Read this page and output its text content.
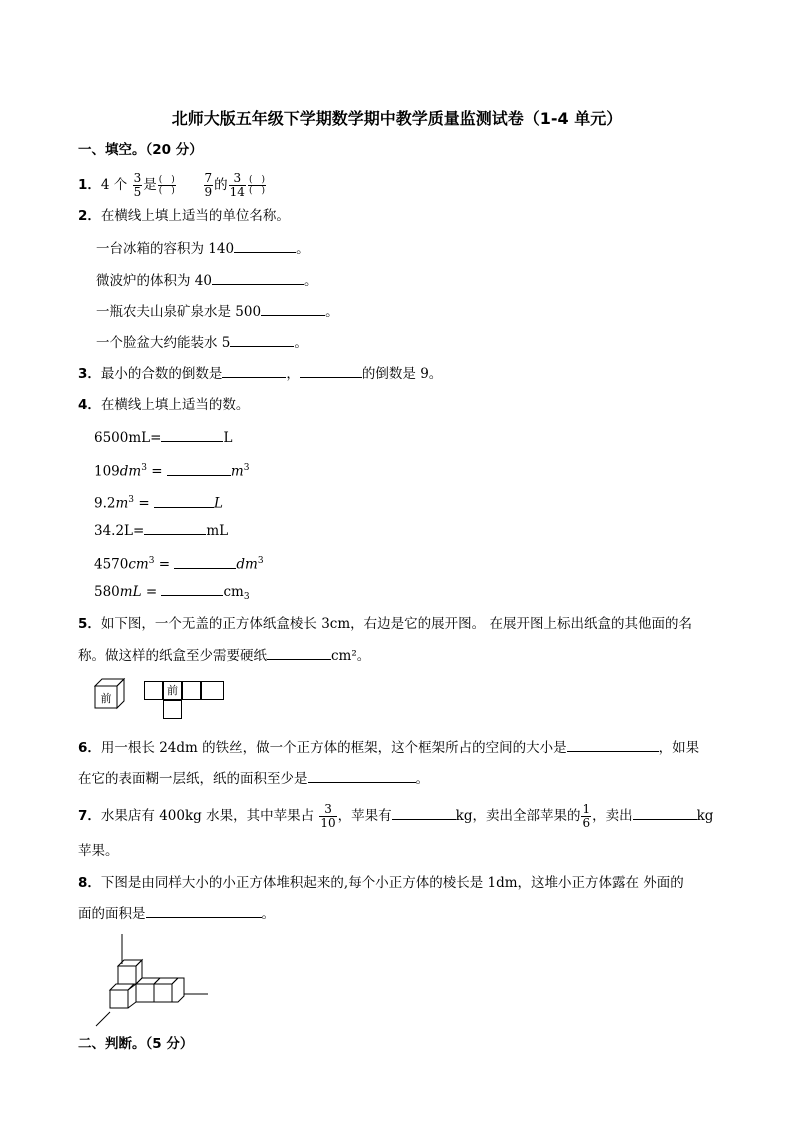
北师大版五年级下学期数学期中教学质量监测试卷（1-4 单元）
一、填空。（20 分）
1．4 个 $\frac{3}{5}$ 是 $\frac{( )}{( )}$
$\frac{7}{9}$ 的 $\frac{3}{14} \frac{( )}{( )}$
2．在横线上填上适当的单位名称。
一台冰箱的容积为 140	。
微波炉的体积为 40	。
一瓶农夫山泉矿泉水是 500	。
一个脸盆大约能装水 5	。
3．最小的合数的倒数是	，	的倒数是 9。
4．在横线上填上适当的数。
6500mL=	L
$109dm^3$ =	$m^3$
$9.2m^3$ =	L
34.2L=	mL
$4570cm^3$ =	$dm^3$
580mL =	$cm_3$
5．如下图，一个无盖的正方体纸盒棱长 3cm，右边是它的展开图。 在展开图上标出纸盒的其他面的名
称。做这样的纸盒至少需要硬纸	cm²。
前
前
6．用一根长 24dm 的铁丝，做一个正方体的框架，这个框架所占的空间的大小是	，如果
在它的表面糊一层纸，纸的面积至少是	。
7．水果店有 400kg 水果，其中苹果占 $\frac{3}{10}$ ，苹果有	kg，卖出全部苹果的 $\frac{1}{6}$ ，卖出	kg
苹果。
8．下图是由同样大小的小正方体堆积起来的,每个小正方体的棱长是 1dm，这堆小正方体露在 外面的
面的面积是	。
二、判断。（5 分）
